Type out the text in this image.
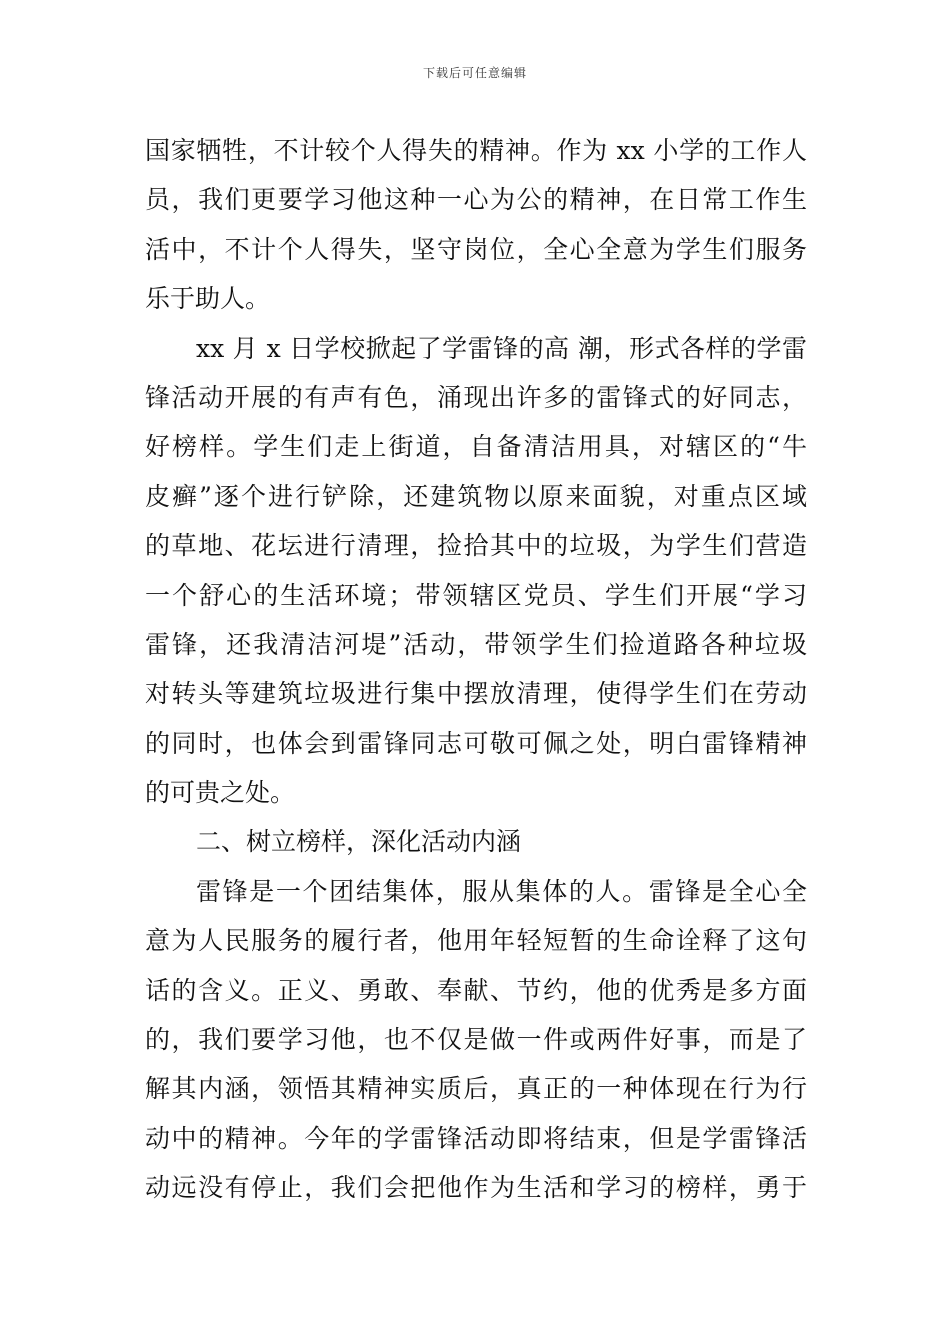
下载后可任意编辑
国家牺牲，不计较个人得失的精神。作为 xx 小学的工作人
员，我们更要学习他这种一心为公的精神，在日常工作生
活中，不计个人得失，坚守岗位，全心全意为学生们服务
乐于助人。
xx 月 x 日学校掀起了学雷锋的高 潮，形式各样的学雷
锋活动开展的有声有色，涌现出许多的雷锋式的好同志，
好榜样。学生们走上街道，自备清洁用具，对辖区的“牛
皮癣”逐个进行铲除，还建筑物以原来面貌，对重点区域
的草地、花坛进行清理，捡拾其中的垃圾，为学生们营造
一个舒心的生活环境；带领辖区党员、学生们开展“学习
雷锋，还我清洁河堤”活动，带领学生们捡道路各种垃圾
对转头等建筑垃圾进行集中摆放清理，使得学生们在劳动
的同时，也体会到雷锋同志可敬可佩之处，明白雷锋精神
的可贵之处。
二、树立榜样，深化活动内涵
雷锋是一个团结集体，服从集体的人。雷锋是全心全
意为人民服务的履行者，他用年轻短暂的生命诠释了这句
话的含义。正义、勇敢、奉献、节约，他的优秀是多方面
的，我们要学习他，也不仅是做一件或两件好事，而是了
解其内涵，领悟其精神实质后，真正的一种体现在行为行
动中的精神。今年的学雷锋活动即将结束，但是学雷锋活
动远没有停止，我们会把他作为生活和学习的榜样，勇于
